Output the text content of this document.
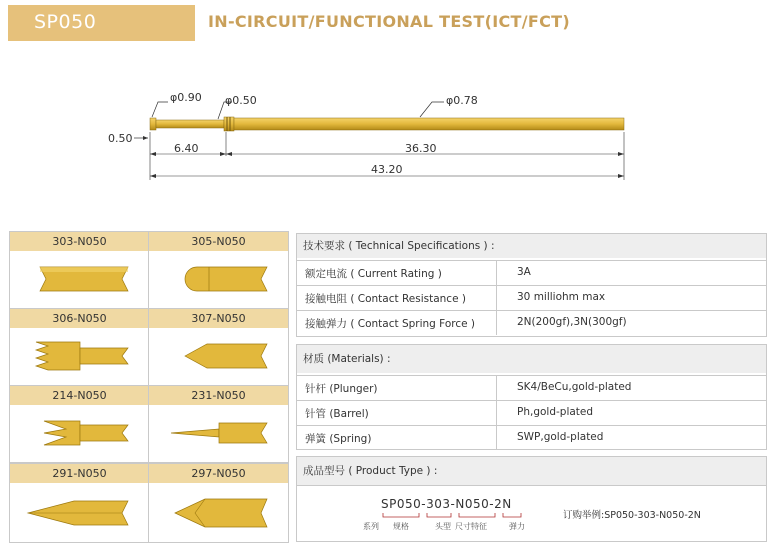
SP050	IN-CIRCUIT/FUNCTIONAL TEST(ICT/FCT)
φ0.90 φ0.50	φ0.78
0.50
6.40	36.30
43.20
303-N050	305-N050
306-N050	307-N050
214-N050	231-N050
291-N050	297-N050
技术要求 ( Technical Specifications ) :
额定电流 ( Current Rating )	3A
接触电阻 ( Contact Resistance )	30 milliohm max
接触弹力 ( Contact Spring Force )	2N(200gf),3N(300gf)
材质 (Materials) :
针杆 (Plunger)	SK4/BeCu,gold-plated
针管 (Barrel)	Ph,gold-plated
弹簧 (Spring)	SWP,gold-plated
成品型号 ( Product Type ) :
SP050-303-N050-2N
系列 规格	头型 尺寸特征	弹力
订购举例:SP050-303-N050-2N
